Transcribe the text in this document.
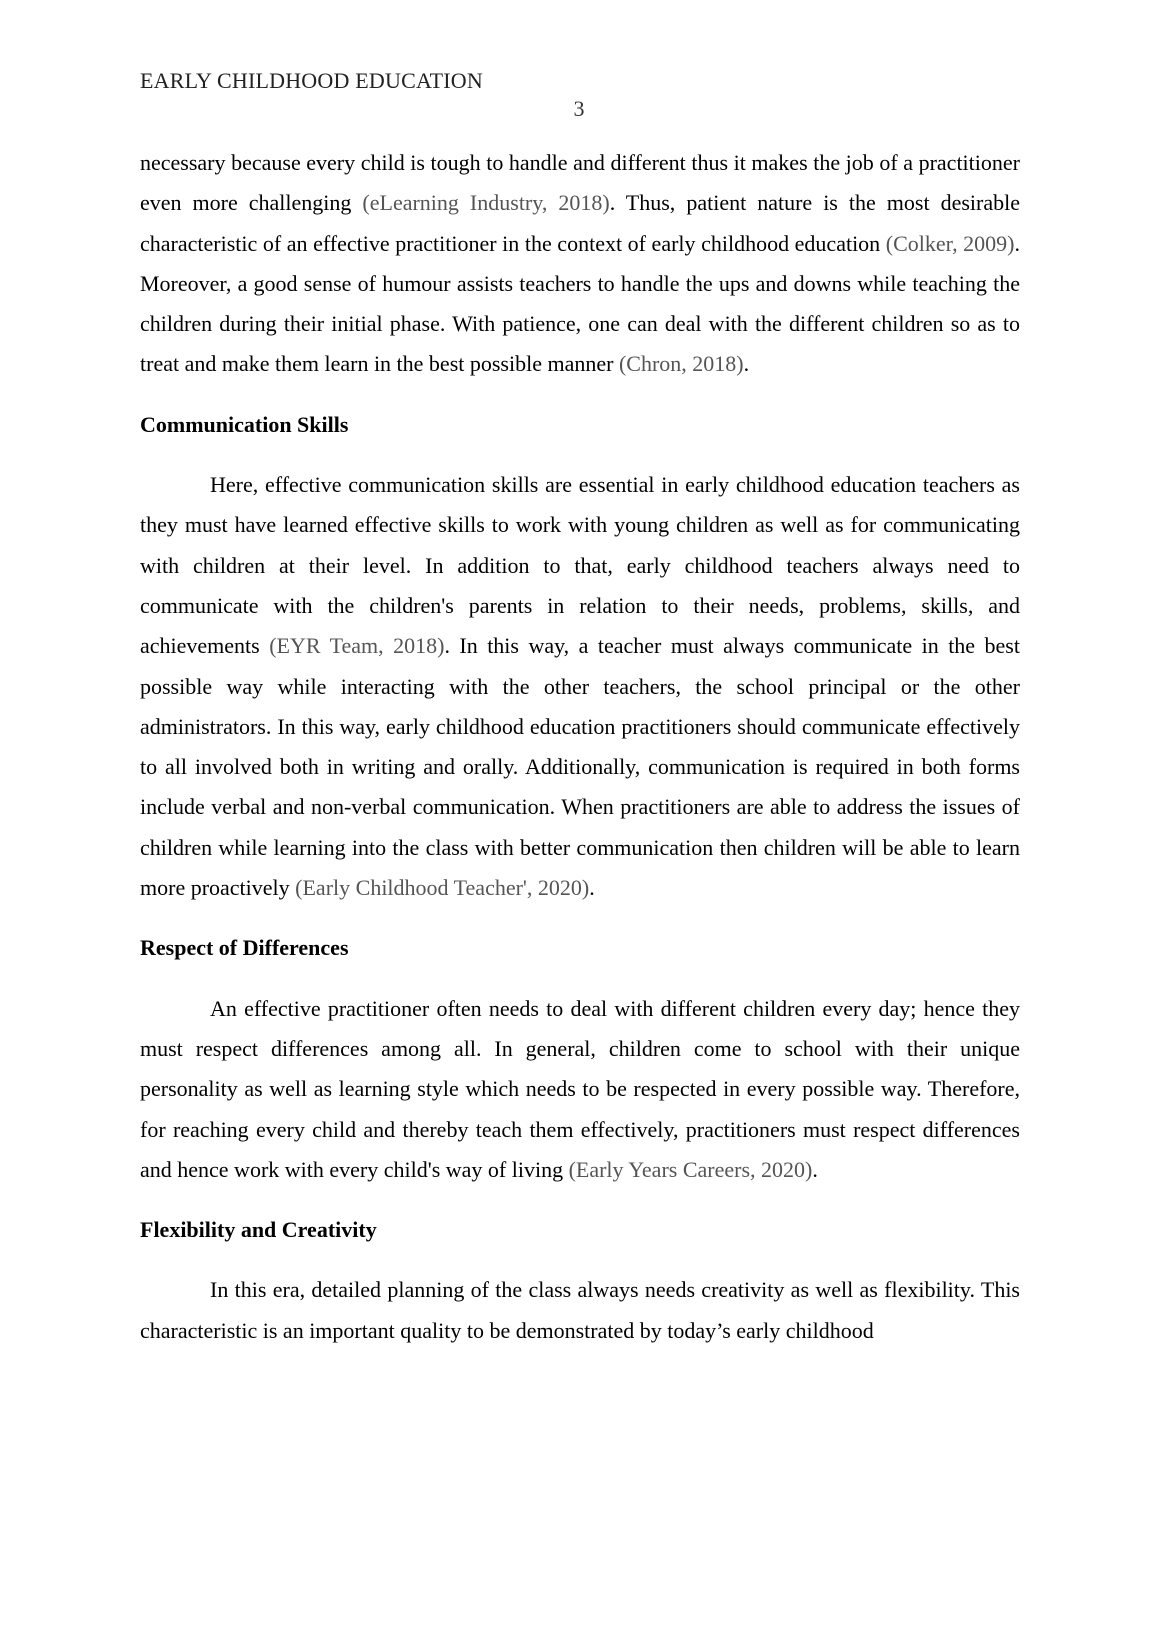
EARLY CHILDHOOD EDUCATION
3

necessary because every child is tough to handle and different thus it makes the job of a practitioner even more challenging (eLearning Industry, 2018). Thus, patient nature is the most desirable characteristic of an effective practitioner in the context of early childhood education (Colker, 2009). Moreover, a good sense of humour assists teachers to handle the ups and downs while teaching the children during their initial phase. With patience, one can deal with the different children so as to treat and make them learn in the best possible manner (Chron, 2018).

Communication Skills

Here, effective communication skills are essential in early childhood education teachers as they must have learned effective skills to work with young children as well as for communicating with children at their level. In addition to that, early childhood teachers always need to communicate with the children's parents in relation to their needs, problems, skills, and achievements (EYR Team, 2018). In this way, a teacher must always communicate in the best possible way while interacting with the other teachers, the school principal or the other administrators. In this way, early childhood education practitioners should communicate effectively to all involved both in writing and orally. Additionally, communication is required in both forms include verbal and non-verbal communication. When practitioners are able to address the issues of children while learning into the class with better communication then children will be able to learn more proactively (Early Childhood Teacher', 2020).

Respect of Differences

An effective practitioner often needs to deal with different children every day; hence they must respect differences among all. In general, children come to school with their unique personality as well as learning style which needs to be respected in every possible way. Therefore, for reaching every child and thereby teach them effectively, practitioners must respect differences and hence work with every child's way of living (Early Years Careers, 2020).

Flexibility and Creativity

In this era, detailed planning of the class always needs creativity as well as flexibility. This characteristic is an important quality to be demonstrated by today’s early childhood
